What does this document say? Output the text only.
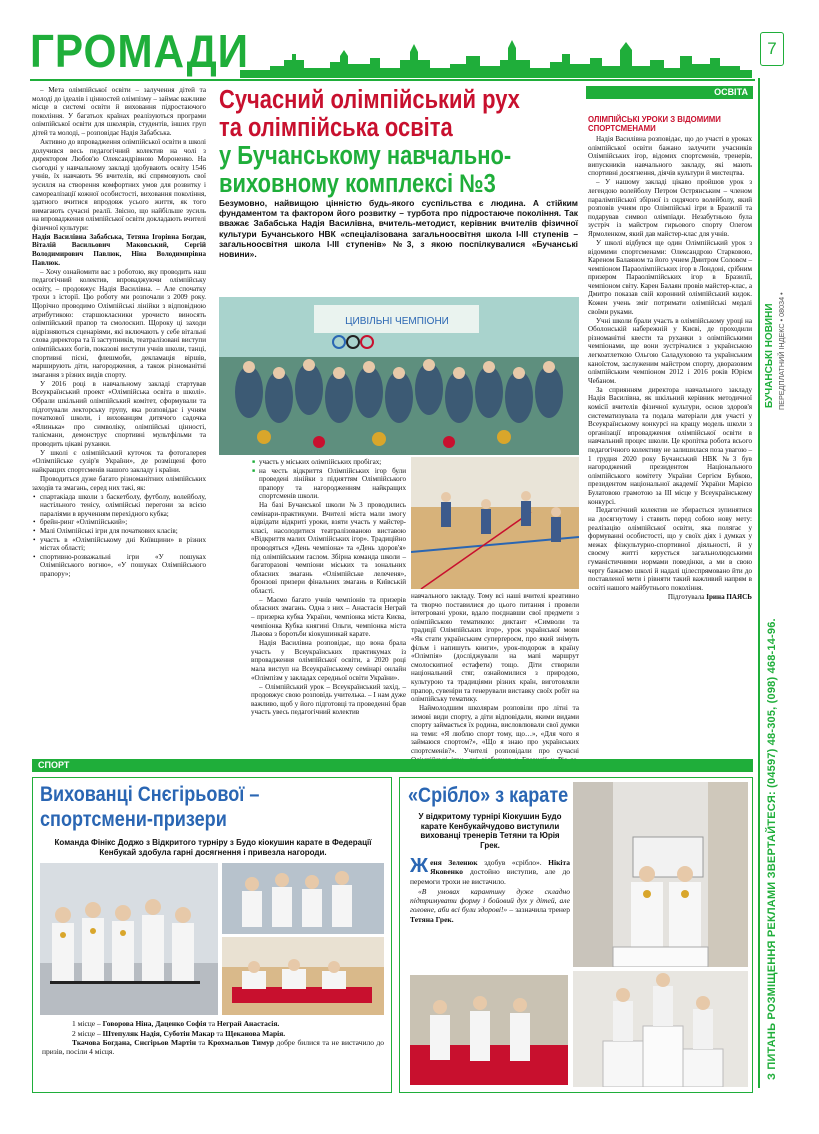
ГРОМАДИ	7
БУЧАНСЬКІ НОВИНИ ПЕРЕДПЛАТНИЙ ІНДЕКС • 08034 •
З ПИТАНЬ РОЗМІЩЕННЯ РЕКЛАМИ ЗВЕРТАЙТЕСЯ: (04597) 48-305, (098) 468-14-96.

– Мета олімпійської освіти – залучення дітей та молоді до ідеалів і цінностей олімпізму – займає важливе місце в системі освіти й виховання підростаючого покоління. У багатьох країнах реалізуються програми олімпійської освіти для школярів, студентів, інших груп дітей та молоді, – розповідає Надія Забабська.

Активно до впровадження олімпійської освіти в школі долучився весь педагогічний колектив на чолі з директором Любов'ю Олександрівною Мороненко. На сьогодні у навчальному закладі здобувають освіту 1546 учнів, їх навчають 96 вчителів, які спрямовують свої зусилля на створення комфортних умов для розвитку і самореалізації кожної особистості, виховання покоління, здатного вчитися впродовж усього життя, як того вимагають сучасні реалії. Звісно, що найбільше зусиль на впровадження олімпійської освіти докладають вчителі фізичної культури:

Надія Василівна Забабська, Тетяна Ігорівна Богдан, Віталій Васильович Маковський, Сергій Володимирович Павлюк, Ніна Володимирівна Павлюк.

– Хочу ознайомити вас з роботою, яку проводить наш педагогічний колектив, впроваджуючи олімпійську освіту, – продовжує Надія Василівна. – Але спочатку трохи з історії. Цю роботу ми розпочали з 2009 року. Щорічно проводимо Олімпійські лінійки з відповідною атрибутикою: старшокласники урочисто виносять олімпійський прапор та смолоскип. Щороку ці заходи відрізняються сценаріями, які включають у себе вітальні слова директора та її заступників, театралізовані виступи олімпійських богів, показові виступи учнів школи, танці, спортивні пісні, флешмоби, декламація віршів, марширують діти, нагородження, а також різноманітні змагання з різних видів спорту.

У 2016 році в навчальному закладі стартував Всеукраїнський проект «Олімпійська освіта в школі». Обрали шкільний олімпійський комітет, сформували та підготували лекторську групу, яка розповідає і учням початкової школи, і вихованцям дитячого садочка «Ялинька» про символіку, олімпійські цінності, талісмани, демонструє спортивні мультфільми та проводить цікаві руханки.

У школі є олімпійський куточок та фотогалерея «Олімпійське сузір'я України», де розміщені фото найкращих спортсменів нашого закладу і країни.

Проводиться дуже багато різноманітних олімпійських заходів та змагань, серед них такі, як:

• спартакіада школи з баскетболу, футболу, волейболу, настільного тенісу, олімпійські перегони за всією параліями в врученням перехідного кубка;
• брейн-ринг «Олімпійський»;
• Малі Олімпійські ігри для початкових класів;
• участь в «Олімпійському дні Київщини» в різних містах області;
• спортивно-розважальні ігри «У пошуках Олімпійського вогню», «У пошуках Олімпійського прапору»;
Сучасний олімпійський рух
та олімпійська освіта
у Бучанському навчально-
виховному комплексі №3
Безумовно, найвищою цінністю будь-якого суспільства є людина. А стійким фундаментом та фактором його розвитку – турбота про підростаюче покоління. Так вважає Забабська Надія Василівна, вчитель-методист, керівник вчителів фізичної культури Бучанського НВК «спеціалізована загальноосвітня школа І-ІІІ ступенів – загальноосвітня школа І-ІІІ ступенів» №3, з якою поспілкувалися «Бучанські новини».
ЦИВІЛЬНІ ЧЕМПІОНИ
■ участь у міських олімпійських пробігах;
■ на честь відкриття Олімпійських ігор були проведені лінійки з підняттям Олімпійського прапору та нагородженням найкращих спортсменів школи.

На базі Бучанської школи №3 проводились семінари-практикуми. Вчителі міста мали змогу відвідати відкриті уроки, взяти участь у майстер-класі, насолодитися театралізованою виставою «Відкриття малих Олімпійських ігор». Традиційно проводяться «День чемпіона» та «День здоров'я» під олімпійським гаслом. Збірна команда школи – багаторазові чемпіони міських та зональних обласних змагань «Олімпійське лелеченя», бронзові призери фінальних змагань в Київській області.

– Маємо багато учнів чемпіонів та призерів обласних змагань. Одна з них – Анастасія Неграй – призерка кубка України, чемпіонка міста Києва, чемпіонка Кубка княгині Ольги, чемпіонка міста Львова з боротьби кіокушинкай карате.

Надія Василівна розповідає, що вона брала участь у Всеукраїнських практикумах із впровадження олімпійської освіти, а 2020 році мала виступ на Всеукраїнському семінарі онлайн «Олімпізм у закладах середньої освіти України».

– Олімпійський урок – Всеукраїнський захід, – продовжує свою розповідь учителька. – І нам дуже важливо, щоб у його підготовці та проведенні брав участь увесь педагогічний колектив

навчального закладу. Тому всі наші вчителі креативно та творчо поставилися до цього питання і провели інтегровані уроки, вдало поєднавши свої предмети з олімпійською тематикою: диктант «Символи та традиції Олімпійських ігор», урок української мови «Як стати українським суперґероєм, про який знімуть фільм і напишуть книги», урок-подорож в країну «Олімпія» (досліджували на мапі маршрут смолоскипної естафети) тощо. Діти створили національний стяг, ознайомилися з природою, культурою та традиціями різних країн, виготовляли прапор, сувеніри та генерували виставку своїх робіт на олімпійську тематику.

Наймолодшим школярам розповіли про літні та зимові види спорту, а діти відповідали, якими видами спорту займається їх родина, висловлювали свої думки на теми: «Я люблю спорт тому, що…», «Для чого я займаюся спортом?», «Що я знаю про українських спортсменів?». Учителі розповідали про сучасні

ОСВІТА
ОЛІМПІЙСЬКІ УРОКИ З ВІДОМИМИ СПОРТСМЕНАМИ

Надія Василівна розповідає, що до участі в уроках олімпійської освіти бажано залучити учасників Олімпійських ігор, відомих спортсменів, тренерів, випускників навчального закладу, які мають спортивні досягнення, діячів культури й мистецтва.

– У нашому закладі цікаво пройшов урок з легендою волейболу Петром Острянським – членом паралімпійської збірної із сидячого волейболу, який розповів учням про Олімпійські ігри в Бразилії та подарував символ олімпіади. Незабутньою була зустріч із майстром гирьового спорту Олегом Ярмоленком, який дав майстер-клас для учнів.

У школі відбувся ще один Олімпійський урок з відомими спортсменами: Олександрою Старковою, Кареном Балаяном та його учнем Дмитром Соловєм – чемпіоном Параолімпійських ігор в Лондоні, срібним призером Параолімпійських ігор в Бразилії, чемпіоном світу. Карен Балаян провів майстер-клас, а Дмитро показав свій коронний олімпійський кидок. Кожен учень зміг потримати олімпійські медалі своїми руками.

Учні школи брали участь в олімпійському уроці на Оболонській набережній у Києві, де проходили різноманітні квести та руханки з олімпійськими чемпіонами, ще вони зустрічалися з українською легкоатлеткою Ольгою Саладуховою та українським каноїстом, заслуженим майстром спорту, дворазовим олімпійським чемпіоном 2012 і 2016 років Юрієм Чебаном.

За сприянням директора навчального закладу Надія Василівна, як шкільний керівник методичної комісії вчителів фізичної культури, основ здоров'я систематизувала та подала матеріали для участі у Всеукраїнському конкурсі на кращу модель школи з організації впровадження олімпійської освіти в навчальний процес школи. Це кропітка робота всього педагогічного колективу не залишилася поза увагою – 1 грудня 2020 року Бучанський НВК №3 був нагороджений президентом Національного олімпійського комітету України Сергієм Бубкою, президентом національної академії України Марією Булатовою грамотою за ІІІ місце у Всеукраїнському конкурсі.

Педагогічний колектив не збирається зупинятися на досягнутому і ставить перед собою нову мету: реалізацію олімпійської освіти, яка полягає у формуванні особистості, що у своїх діях і думках у межах фізкультурно-спортивної діяльності, й у своєму житті керується загальнолюдськими гуманістичними нормами поведінки, а ми в свою чергу бажаємо школі й надалі цілеспрямовано йти до поставленої мети і рівняти такий важливий напрям в освіті нашого майбутнього покоління.

Підготувала Ірина ПАЯСЬ

СПОРТ
Вихованці Снєгірьової –
спортсмени-призери
Команда Фінікс Доджо з Відкритого турніру з Будо кіокушин карате в Федерації Кенбукай здобула гарні досягнення і привезла нагороди.

1 місце – Говорова Ніна, Даценко Софія та Неграй Анастасія.

2 місце – Штепуляк Надія, Суботін Макар та Щеканова Марія.

Ткачова Богдана, Снєгірьов Мартін та Крохмальов Тимур добре билися та не вистачило до призів, посіли 4 місця.

«Срібло» з карате
У відкритому турнірі Кіокушин Будо карате Кенбукайчудово виступили вихованці тренерів Тетяни та Юрія Грек.

Женя Зеленюк здобув «срібло». Нікіта Яковенко достойно виступив, але до перемоги трохи не вистачило.

«В умовах карантину дуже складно підтримувати форму і бойовий дух у дітей, але головне, аби всі були здорові!» – зазначила тренер Тетяна Грек.
